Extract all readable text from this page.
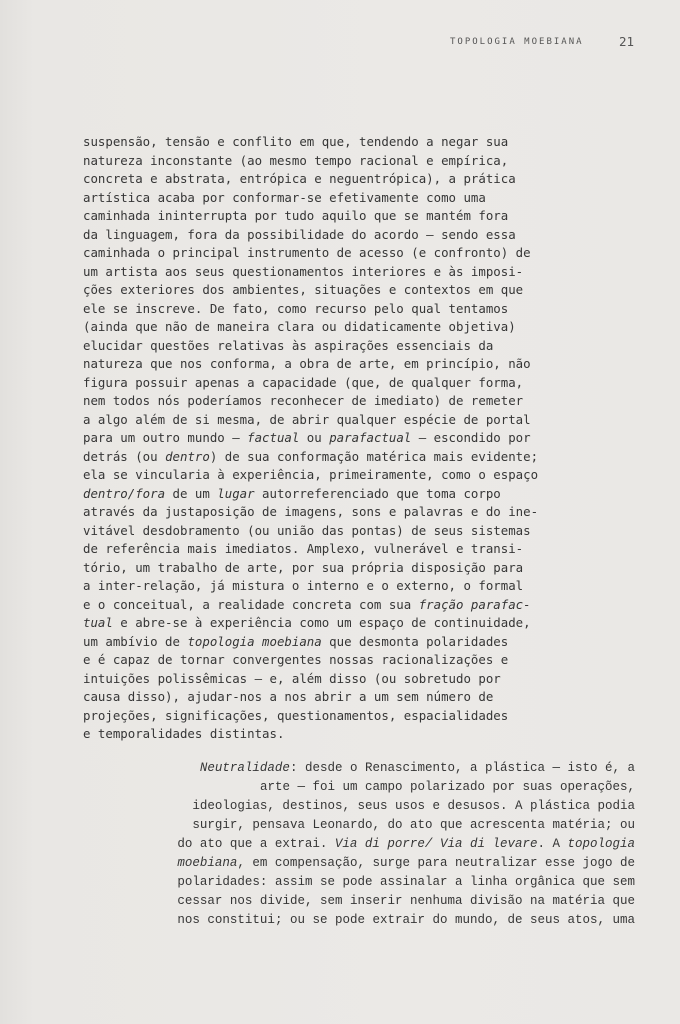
TOPOLOGIA MOEBIANA	21
suspensão, tensão e conflito em que, tendendo a negar sua
natureza inconstante (ao mesmo tempo racional e empírica,
concreta e abstrata, entrópica e neguentrópica), a prática
artística acaba por conformar-se efetivamente como uma
caminhada ininterrupta por tudo aquilo que se mantém fora
da linguagem, fora da possibilidade do acordo – sendo essa
caminhada o principal instrumento de acesso (e confronto) de
um artista aos seus questionamentos interiores e às imposi-
ções exteriores dos ambientes, situações e contextos em que
ele se inscreve. De fato, como recurso pelo qual tentamos
(ainda que não de maneira clara ou didaticamente objetiva)
elucidar questões relativas às aspirações essenciais da
natureza que nos conforma, a obra de arte, em princípio, não
figura possuir apenas a capacidade (que, de qualquer forma,
nem todos nós poderíamos reconhecer de imediato) de remeter
a algo além de si mesma, de abrir qualquer espécie de portal
para um outro mundo – factual ou parafactual – escondido por
detrás (ou dentro) de sua conformação matérica mais evidente;
ela se vincularia à experiência, primeiramente, como o espaço
dentro/fora de um lugar autorreferenciado que toma corpo
através da justaposição de imagens, sons e palavras e do ine-
vitável desdobramento (ou união das pontas) de seus sistemas
de referência mais imediatos. Amplexo, vulnerável e transi-
tório, um trabalho de arte, por sua própria disposição para
a inter-relação, já mistura o interno e o externo, o formal
e o conceitual, a realidade concreta com sua fração parafac-
tual e abre-se à experiência como um espaço de continuidade,
um ambívio de topologia moebiana que desmonta polaridades
e é capaz de tornar convergentes nossas racionalizações e
intuições polissêmicas – e, além disso (ou sobretudo por
causa disso), ajudar-nos a nos abrir a um sem número de
projeções, significações, questionamentos, espacialidades
e temporalidades distintas.
Neutralidade: desde o Renascimento, a plástica — isto é, a
arte — foi um campo polarizado por suas operações,
ideologias, destinos, seus usos e desusos. A plástica podia
surgir, pensava Leonardo, do ato que acrescenta matéria; ou
do ato que a extrai. Via di porre/ Via di levare. A topologia
moebiana, em compensação, surge para neutralizar esse jogo de
polaridades: assim se pode assinalar a linha orgânica que sem
cessar nos divide, sem inserir nenhuma divisão na matéria que
nos constitui; ou se pode extrair do mundo, de seus atos, uma
